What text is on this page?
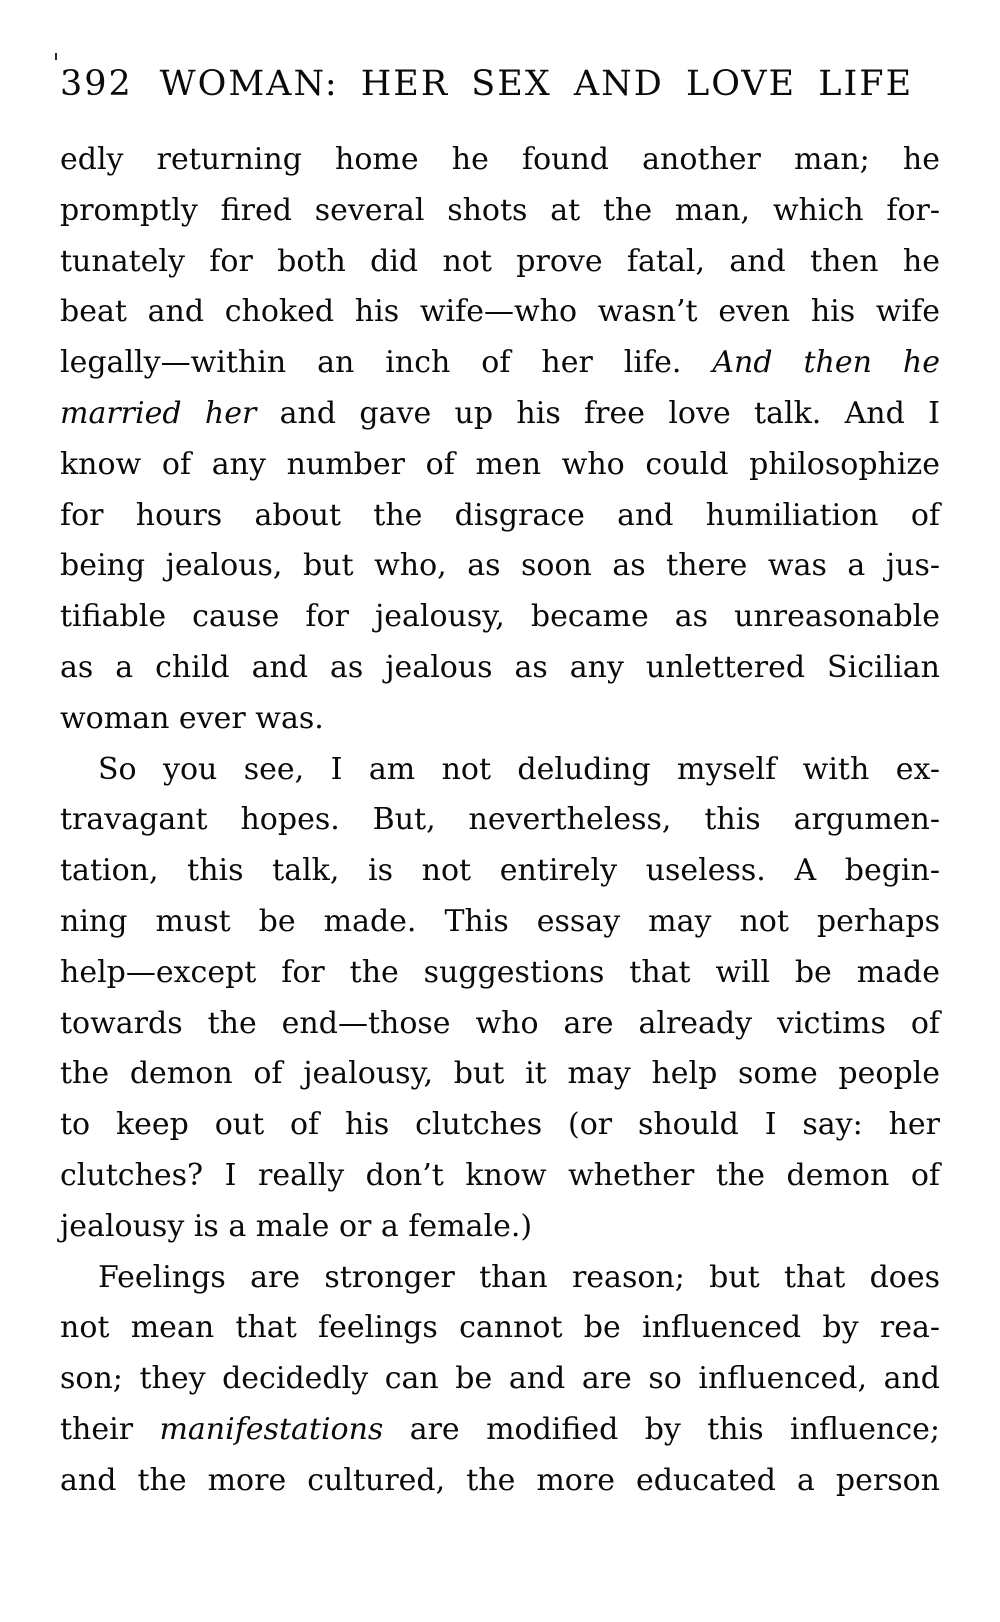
392 WOMAN: HER SEX AND LOVE LIFE
edly returning home he found another man; he
promptly fired several shots at the man, which for-
tunately for both did not prove fatal, and then he
beat and choked his wife—who wasn’t even his wife
legally—within an inch of her life. And then he
married her and gave up his free love talk. And I
know of any number of men who could philosophize
for hours about the disgrace and humiliation of
being jealous, but who, as soon as there was a jus-
tifiable cause for jealousy, became as unreasonable
as a child and as jealous as any unlettered Sicilian
woman ever was.
So you see, I am not deluding myself with ex-
travagant hopes. But, nevertheless, this argumen-
tation, this talk, is not entirely useless. A begin-
ning must be made. This essay may not perhaps
help—except for the suggestions that will be made
towards the end—those who are already victims of
the demon of jealousy, but it may help some people
to keep out of his clutches (or should I say: her
clutches? I really don’t know whether the demon of
jealousy is a male or a female.)
Feelings are stronger than reason; but that does
not mean that feelings cannot be influenced by rea-
son; they decidedly can be and are so influenced, and
their manifestations are modified by this influence;
and the more cultured, the more educated a person
